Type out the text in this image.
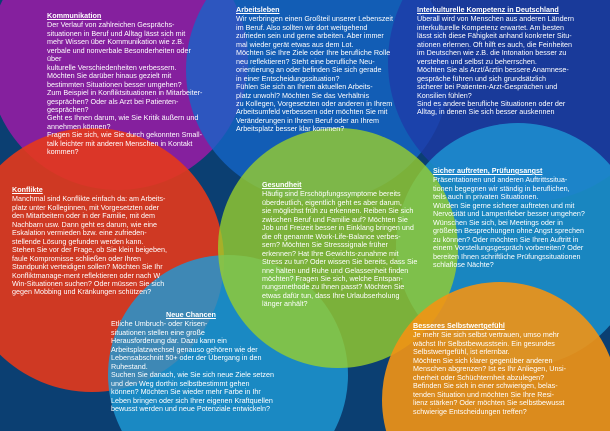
Kommunikation
Der Verlauf von zahlreichen Gesprächs-
situationen in Beruf und Alltag lässt sich mit
mehr Wissen über Kommunikation wie z.B.
verbale und nonverbale Besonderheiten oder über
kulturelle Verschiedenheiten verbessern.
Möchten Sie darüber hinaus gezielt mit
bestimmten Situationen besser umgehen?
Zum Beispiel in Konfliktsituationen in Mitarbeiter-
gesprächen? Oder als Arzt bei Patienten-
gesprächen?
Geht es Ihnen darum, wie Sie Kritik äußern und
annehmen können?
Fragen Sie sich, wie Sie durch gekonnten Small-
talk leichter mit anderen Menschen in Kontakt
kommen?
Arbeitsleben
Wir verbringen einen Großteil unserer Lebenszeit
im Beruf. Also sollten wir dort weitgehend
zufrieden sein und gerne arbeiten. Aber immer
mal wieder gerät etwas aus dem Lot.
Möchten Sie Ihre Ziele oder Ihre berufliche Rolle
neu reflektieren? Steht eine berufliche Neu-
orientierung an oder befinden Sie sich gerade
in einer Entscheidungssituation?
Fühlen Sie sich an Ihrem aktuellen Arbeits-
platz unwohl? Möchten Sie das Verhältnis
zu Kollegen, Vorgesetzten oder anderen in Ihrem
Arbeitsumfeld verbessern oder möchten Sie mit
Veränderungen in Ihrem Beruf oder an Ihrem
Arbeitsplatz besser klar kommen?
Interkulturelle Kompetenz in Deutschland
Überall wird von Menschen aus anderen Ländern
interkulturelle Kompetenz erwartet. Am besten
lässt sich diese Fähigkeit anhand konkreter Situ-
ationen erlernen. Oft hilft es auch, die Feinheiten
im Deutschen wie z.B. die Intonation besser zu
verstehen und selbst zu beherrschen.
Möchten Sie als Arzt/Ärztin bessere Anamnese-
gespräche führen und sich grundsätzlich
sicherer bei Patienten-Arzt-Gesprächen und
Konsilien fühlen?
Sind es andere berufliche Situationen oder der
Alltag, in denen Sie sich besser auskennen
Konflikte
Manchmal sind Konflikte einfach da: am Arbeits-
platz unter Kolleginnen, mit Vorgesetzten oder
den Mitarbeitern oder in der Familie, mit dem
Nachbarn usw. Dann geht es darum, wie eine
Eskalation vermieden bzw. eine zufrieden-
stellende Lösung gefunden werden kann.
Stehen Sie vor der Frage, ob Sie klein beigeben,
faule Kompromisse schließen oder Ihren
Standpunkt verteidigen sollen? Möchten Sie Ihr
Konfliktmanage-ment reflektieren oder nach W
Win-Situationen suchen? Oder müssen Sie sich
gegen Mobbing und Kränkungen schützen?
Gesundheit
Häufig sind Erschöpfungssymptome bereits
überdeutlich, eigentlich geht es aber darum,
sie möglichst früh zu erkennen. Reiben Sie sich
zwischen Beruf und Familie auf? Möchten Sie
Job und Freizeit besser in Einklang bringen und
die oft genannte Work-Life-Balance verbes-
sern? Möchten Sie Stresssignale früher
erkennen? Hat Ihre Gewichts-zunahme mit
Stress zu tun? Oder wissen Sie bereits, dass Sie
nne halten und Ruhe und Gelassenheit finden
möchten? Fragen Sie sich, welche Entspan-
nungsmethode zu Ihnen passt? Möchten Sie
etwas dafür tun, dass Ihre Urlaubserholung
länger anhält?
Sicher auftreten, Prüfungsangst
Präsentationen und anderen Auftrittssitua-
tionen begegnen wir ständig in beruflichen,
teils auch in privaten Situationen.
Würden Sie gerne sicherer auftreten und mit
Nervosität und Lampenfieber besser umgehen?
Wünschen Sie sich, bei Meetings oder in
größeren Besprechungen ohne Angst sprechen
zu können? Oder möchten Sie Ihren Auftritt in
einem Vorstellungsgespräch vorbereiten? Oder
bereiten Ihnen schriftliche Prüfungssituationen
schlaflose Nächte?
Neue Chancen
Etliche Umbruch- oder Krisen-
situationen stellen eine große
Herausforderung dar. Dazu kann ein
Arbeitsplatzwechsel genauso gehören wie der
Lebensabschnitt 50+ oder der Übergang in den
Ruhestand.
Suchen Sie danach, wie Sie sich neue Ziele setzen
und den Weg dorthin selbstbestimmt gehen
können? Möchten Sie wieder mehr Farbe in Ihr
Leben bringen oder sich Ihrer eigenen Kraftquellen
bewusst werden und neue Potenziale entwickeln?
Besseres Selbstwertgefühl
Je mehr Sie sich selbst vertrauen, umso mehr
wächst Ihr Selbstbewusstsein. Ein gesundes
Selbstwertgefühl, ist erlernbar.
Möchten Sie sich klarer gegenüber anderen
Menschen abgrenzen? Ist es Ihr Anliegen, Unsi-
cherheit oder Schüchternheit abzulegen?
Befinden Sie sich in einer schwierigen, belas-
tenden Situation und möchten Sie Ihre Resi-
lienz stärken? Oder möchten Sie selbstbewusst
schwierige Entscheidungen treffen?
